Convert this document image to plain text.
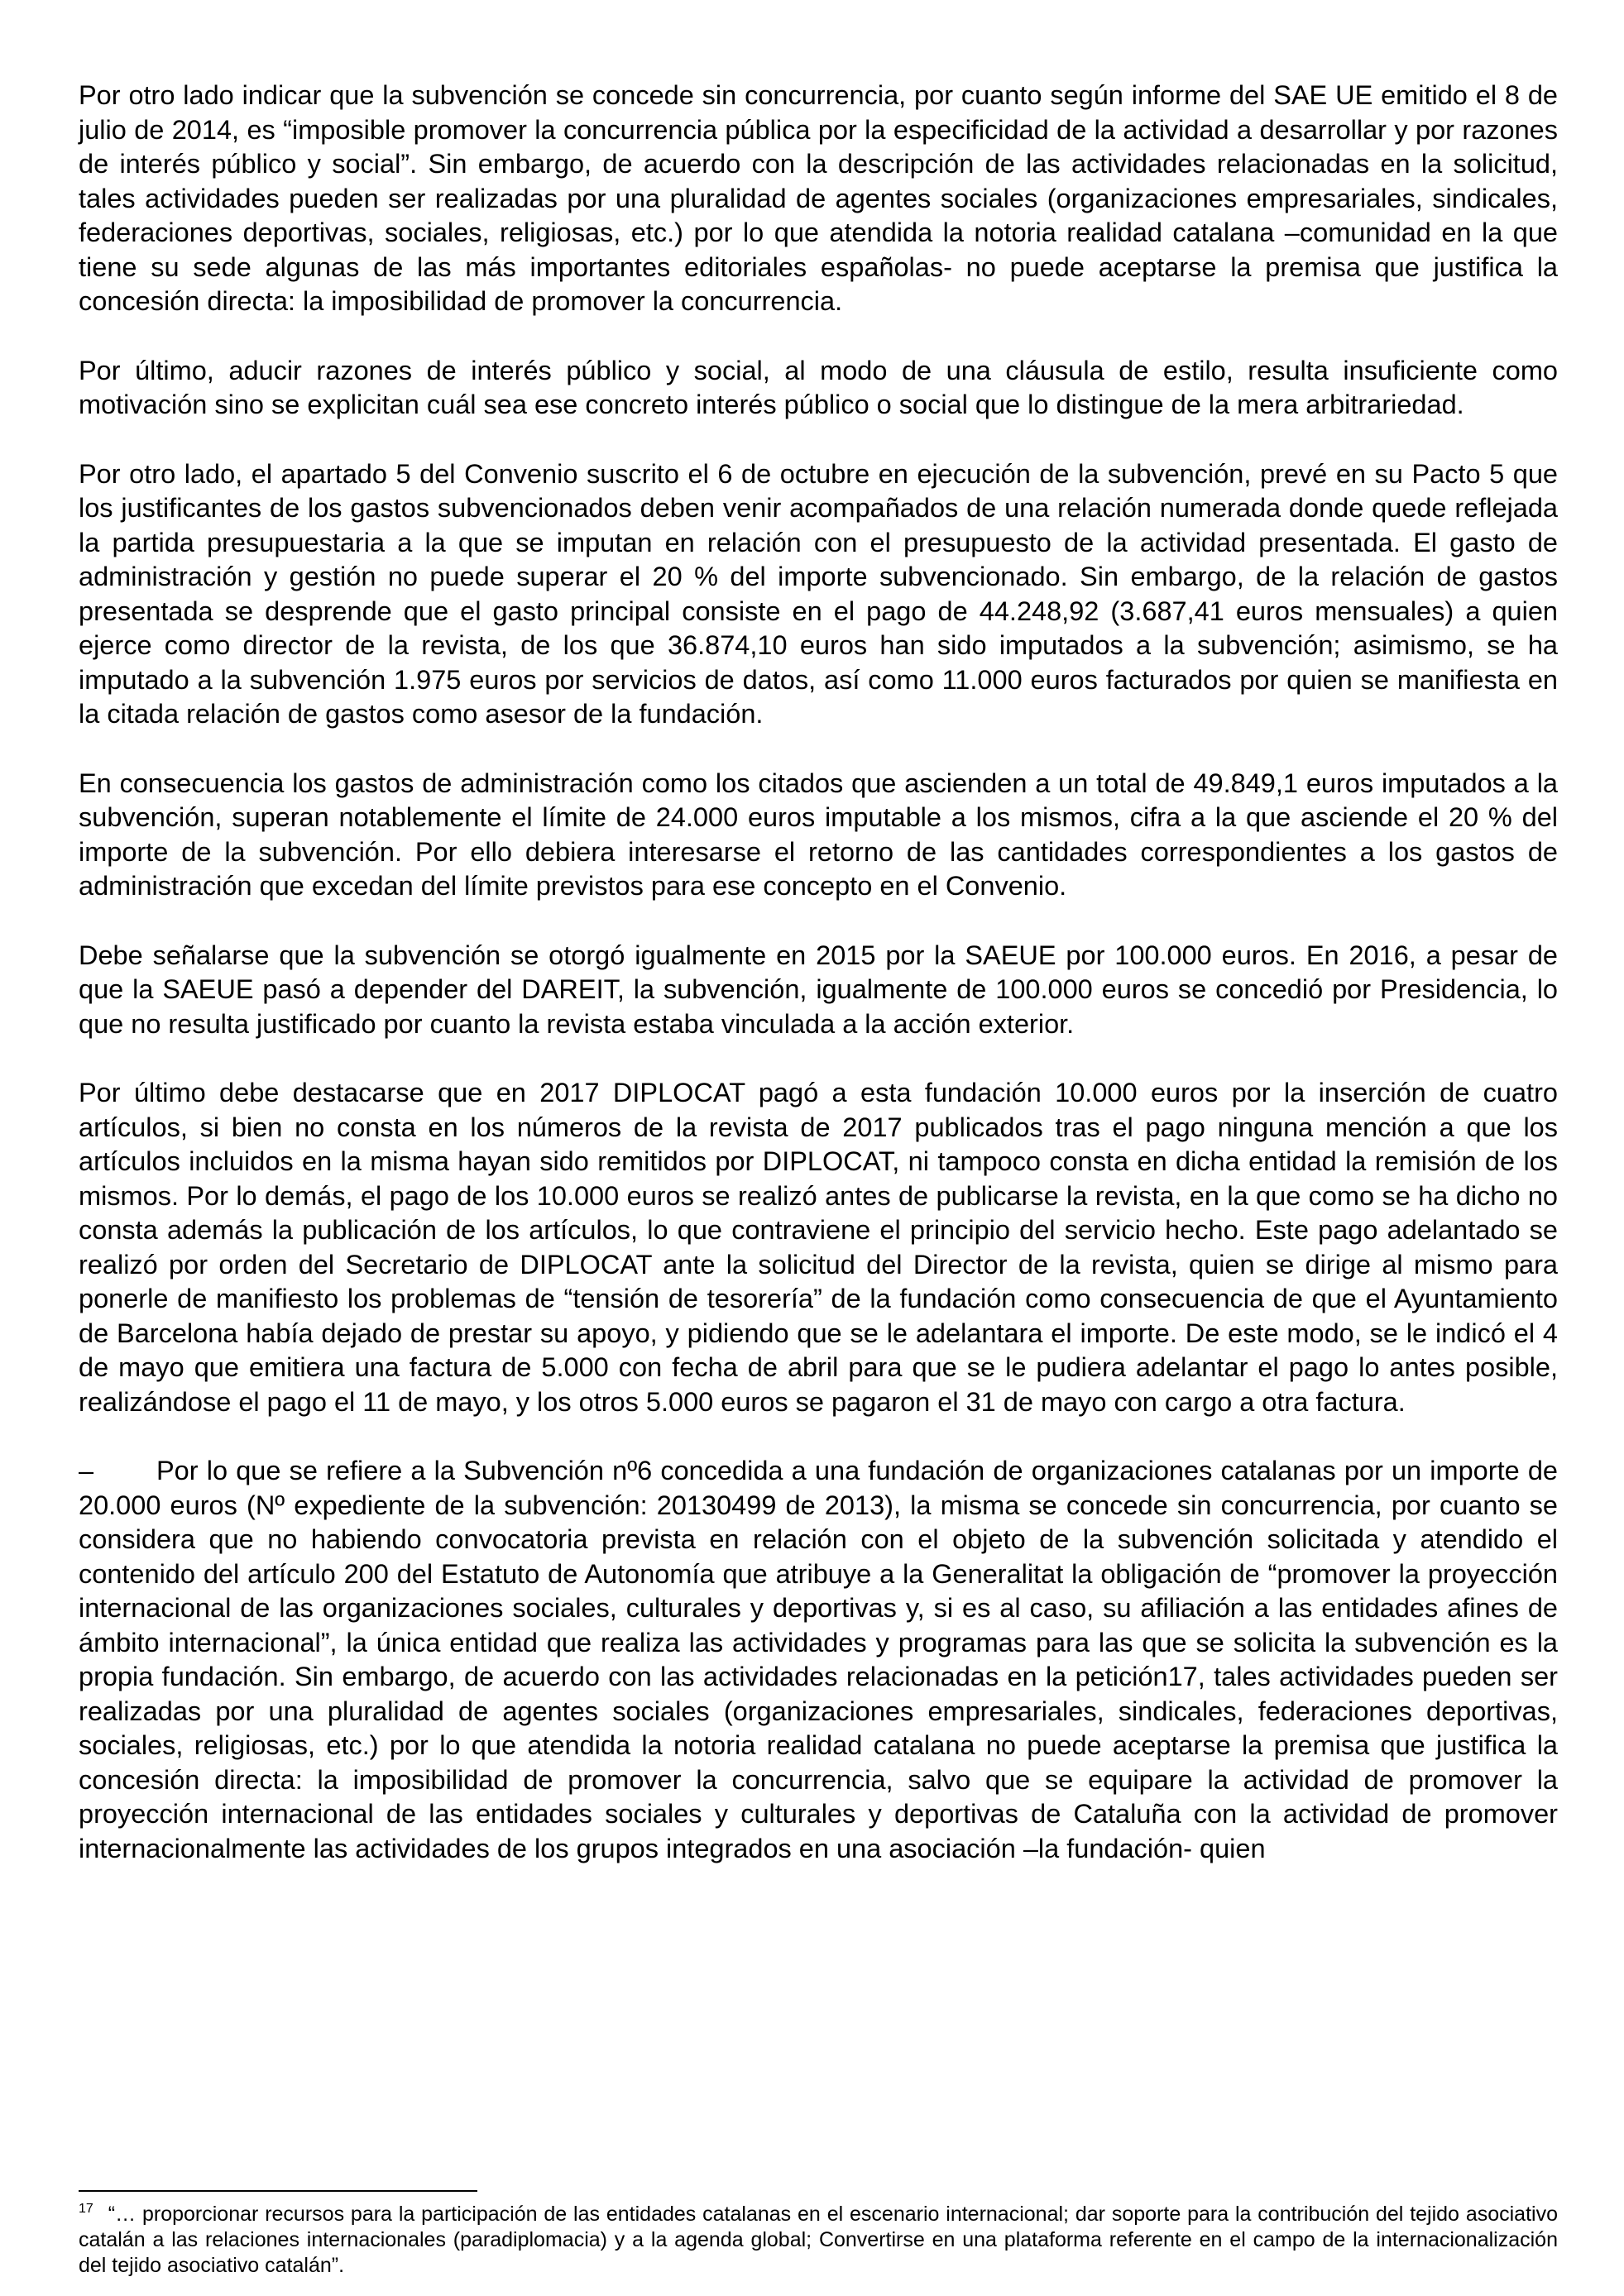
Por otro lado indicar que la subvención se concede sin concurrencia, por cuanto según informe del SAE UE emitido el 8 de julio de 2014, es “imposible promover la concurrencia pública por la especificidad de la actividad a desarrollar y por razones de interés público y social”. Sin embargo, de acuerdo con la descripción de las actividades relacionadas en la solicitud, tales actividades pueden ser realizadas por una pluralidad de agentes sociales (organizaciones empresariales, sindicales, federaciones deportivas, sociales, religiosas, etc.) por lo que atendida la notoria realidad catalana –comunidad en la que tiene su sede algunas de las más importantes editoriales españolas- no puede aceptarse la premisa que justifica la concesión directa: la imposibilidad de promover la concurrencia.

Por último, aducir razones de interés público y social, al modo de una cláusula de estilo, resulta insuficiente como motivación sino se explicitan cuál sea ese concreto interés público o social que lo distingue de la mera arbitrariedad.

Por otro lado, el apartado 5 del Convenio suscrito el 6 de octubre en ejecución de la subvención, prevé en su Pacto 5 que los justificantes de los gastos subvencionados deben venir acompañados de una relación numerada donde quede reflejada la partida presupuestaria a la que se imputan en relación con el presupuesto de la actividad presentada. El gasto de administración y gestión no puede superar el 20 % del importe subvencionado. Sin embargo, de la relación de gastos presentada se desprende que el gasto principal consiste en el pago de 44.248,92 (3.687,41 euros mensuales) a quien ejerce como director de la revista, de los que 36.874,10 euros han sido imputados a la subvención; asimismo, se ha imputado a la subvención 1.975 euros por servicios de datos, así como 11.000 euros facturados por quien se manifiesta en la citada relación de gastos como asesor de la fundación.

En consecuencia los gastos de administración como los citados que ascienden a un total de 49.849,1 euros imputados a la subvención, superan notablemente el límite de 24.000 euros imputable a los mismos, cifra a la que asciende el 20 % del importe de la subvención. Por ello debiera interesarse el retorno de las cantidades correspondientes a los gastos de administración que excedan del límite previstos para ese concepto en el Convenio.

Debe señalarse que la subvención se otorgó igualmente en 2015 por la SAEUE por 100.000 euros. En 2016, a pesar de que la SAEUE pasó a depender del DAREIT, la subvención, igualmente de 100.000 euros se concedió por Presidencia, lo que no resulta justificado por cuanto la revista estaba vinculada a la acción exterior.

Por último debe destacarse que en 2017 DIPLOCAT pagó a esta fundación 10.000 euros por la inserción de cuatro artículos, si bien no consta en los números de la revista de 2017 publicados tras el pago ninguna mención a que los artículos incluidos en la misma hayan sido remitidos por DIPLOCAT, ni tampoco consta en dicha entidad la remisión de los mismos. Por lo demás, el pago de los 10.000 euros se realizó antes de publicarse la revista, en la que como se ha dicho no consta además la publicación de los artículos, lo que contraviene el principio del servicio hecho. Este pago adelantado se realizó por orden del Secretario de DIPLOCAT ante la solicitud del Director de la revista, quien se dirige al mismo para ponerle de manifiesto los problemas de “tensión de tesorería” de la fundación como consecuencia de que el Ayuntamiento de Barcelona había dejado de prestar su apoyo, y pidiendo que se le adelantara el importe. De este modo, se le indicó el 4 de mayo que emitiera una factura de 5.000 con fecha de abril para que se le pudiera adelantar el pago lo antes posible, realizándose el pago el 11 de mayo, y los otros 5.000 euros se pagaron el 31 de mayo con cargo a otra factura.

– Por lo que se refiere a la Subvención nº6 concedida a una fundación de organizaciones catalanas por un importe de 20.000 euros (Nº expediente de la subvención: 20130499 de 2013), la misma se concede sin concurrencia, por cuanto se considera que no habiendo convocatoria prevista en relación con el objeto de la subvención solicitada y atendido el contenido del artículo 200 del Estatuto de Autonomía que atribuye a la Generalitat la obligación de “promover la proyección internacional de las organizaciones sociales, culturales y deportivas y, si es al caso, su afiliación a las entidades afines de ámbito internacional”, la única entidad que realiza las actividades y programas para las que se solicita la subvención es la propia fundación. Sin embargo, de acuerdo con las actividades relacionadas en la petición17, tales actividades pueden ser realizadas por una pluralidad de agentes sociales (organizaciones empresariales, sindicales, federaciones deportivas, sociales, religiosas, etc.) por lo que atendida la notoria realidad catalana no puede aceptarse la premisa que justifica la concesión directa: la imposibilidad de promover la concurrencia, salvo que se equipare la actividad de promover la proyección internacional de las entidades sociales y culturales y deportivas de Cataluña con la actividad de promover internacionalmente las actividades de los grupos integrados en una asociación –la fundación- quien

$^{17}$ “… proporcionar recursos para la participación de las entidades catalanas en el escenario internacional; dar soporte para la contribución del tejido asociativo catalán a las relaciones internacionales (paradiplomacia) y a la agenda global; Convertirse en una plataforma referente en el campo de la internacionalización del tejido asociativo catalán”.
